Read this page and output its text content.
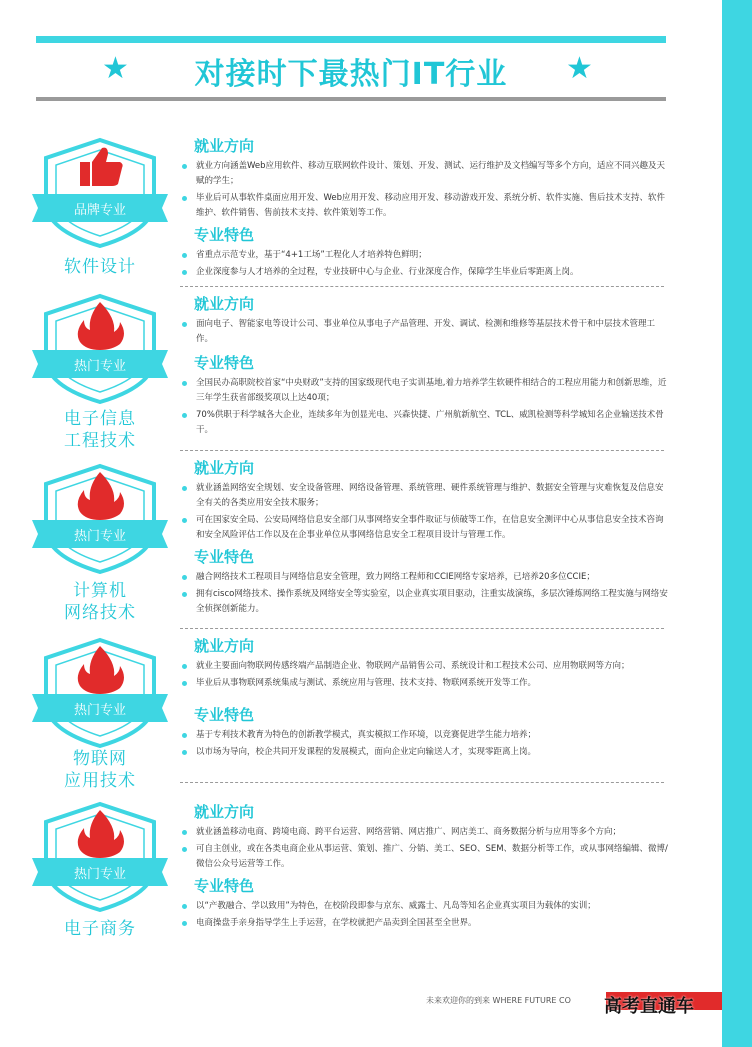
★ 对接时下最热门IT行业 ★
品牌专业
软件设计
就业方向
就业方向涵盖Web应用软件、移动互联网软件设计、策划、开发、测试、运行维护及文档编写等多个方向，适应不同兴趣及天赋的学生；
毕业后可从事软件桌面应用开发、Web应用开发、移动应用开发、移动游戏开发、系统分析、软件实施、售后技术支持、软件维护、软件销售、售前技术支持、软件策划等工作。
专业特色
省重点示范专业，基于“4+1工场”工程化人才培养特色鲜明；
企业深度参与人才培养的全过程，专业技研中心与企业、行业深度合作，保障学生毕业后零距离上岗。
热门专业
电子信息
工程技术
就业方向
面向电子、智能家电等设计公司、事业单位从事电子产品管理、开发、调试、检测和维修等基层技术骨干和中层技术管理工作。
专业特色
全国民办高职院校首家“中央财政”支持的国家级现代电子实训基地,着力培养学生软硬件相结合的工程应用能力和创新思维，近三年学生获省部级奖项以上达40项；
70%供职于科学城各大企业，连续多年为创显光电、兴森快捷、广州航新航空、TCL、威凯检测等科学城知名企业输送技术骨干。
热门专业
计算机
网络技术
就业方向
就业涵盖网络安全规划、安全设备管理、网络设备管理、系统管理、硬件系统管理与维护、数据安全管理与灾难恢复及信息安全有关的各类应用安全技术服务；
可在国家安全局、公安局网络信息安全部门从事网络安全事件取证与侦破等工作，在信息安全测评中心从事信息安全技术咨询和安全风险评估工作以及在企事业单位从事网络信息安全工程项目设计与管理工作。
专业特色
融合网络技术工程项目与网络信息安全管理，致力网络工程师和CCIE网络专家培养，已培养20多位CCIE；
拥有cisco网络技术、操作系统及网络安全等实验室，以企业真实项目驱动，注重实战演练，多层次锤炼网络工程实施与网络安全侦探创新能力。
热门专业
物联网
应用技术
就业方向
就业主要面向物联网传感终端产品制造企业、物联网产品销售公司、系统设计和工程技术公司、应用物联网等方向；
毕业后从事物联网系统集成与测试、系统应用与管理、技术支持、物联网系统开发等工作。
专业特色
基于专利技术教育为特色的创新教学模式，真实模拟工作环境，以竞赛促进学生能力培养；
以市场为导向，校企共同开发课程的发展模式，面向企业定向输送人才，实现零距离上岗。
热门专业
电子商务
就业方向
就业涵盖移动电商、跨境电商、跨平台运营、网络营销、网店推广、网店美工、商务数据分析与应用等多个方向；
可自主创业，或在各类电商企业从事运营、策划、推广、分销、美工、SEO、SEM、数据分析等工作，或从事网络编辑、微博/微信公众号运营等工作。
专业特色
以“产教融合、学以致用”为特色，在校阶段即参与京东、威露士、凡岛等知名企业真实项目为载体的实训；
电商操盘手亲身指导学生上手运营，在学校就把产品卖到全国甚至全世界。
未来欢迎你的到来 WHERE FUTURE CO 高考直通车
